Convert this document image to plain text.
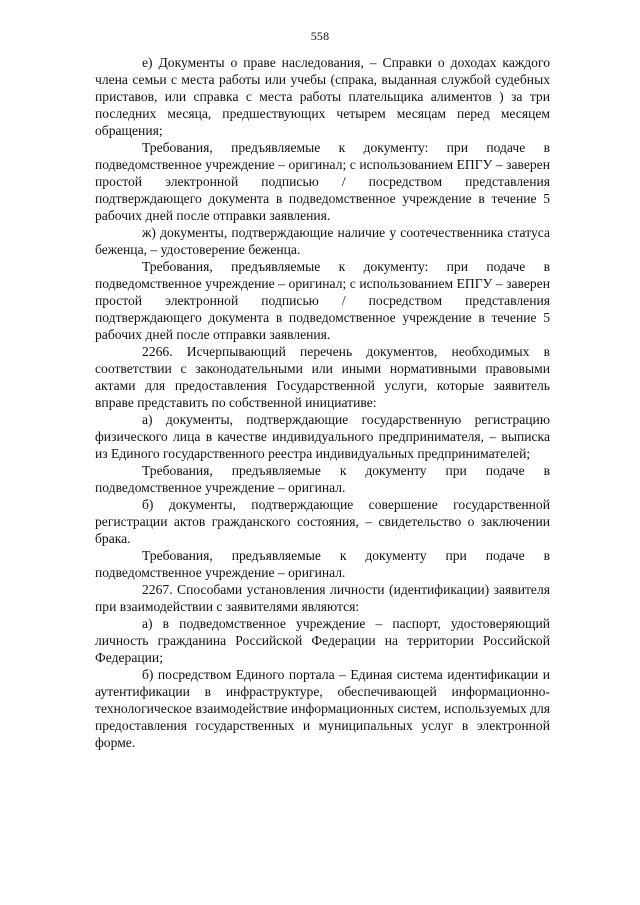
558

е) Документы о праве наследования, – Справки о доходах каждого члена семьи с места работы или учебы (спрака, выданная службой судебных приставов, или справка с места работы плательщика алиментов ) за три последних месяца, предшествующих четырем месяцам перед месяцем обращения;

Требования, предъявляемые к документу: при подаче в подведомственное учреждение – оригинал; с использованием ЕПГУ – заверен простой электронной подписью / посредством представления подтверждающего документа в подведомственное учреждение в течение 5 рабочих дней после отправки заявления.

ж) документы, подтверждающие наличие у соотечественника статуса беженца, – удостоверение беженца.

Требования, предъявляемые к документу: при подаче в подведомственное учреждение – оригинал; с использованием ЕПГУ – заверен простой электронной подписью / посредством представления подтверждающего документа в подведомственное учреждение в течение 5 рабочих дней после отправки заявления.

2266. Исчерпывающий перечень документов, необходимых в соответствии с законодательными или иными нормативными правовыми актами для предоставления Государственной услуги, которые заявитель вправе представить по собственной инициативе:

а) документы, подтверждающие государственную регистрацию физического лица в качестве индивидуального предпринимателя, – выписка из Единого государственного реестра индивидуальных предпринимателей;

Требования, предъявляемые к документу при подаче в подведомственное учреждение – оригинал.

б) документы, подтверждающие совершение государственной регистрации актов гражданского состояния, – свидетельство о заключении брака.

Требования, предъявляемые к документу при подаче в подведомственное учреждение – оригинал.

2267. Способами установления личности (идентификации) заявителя при взаимодействии с заявителями являются:

а) в подведомственное учреждение – паспорт, удостоверяющий личность гражданина Российской Федерации на территории Российской Федерации;

б) посредством Единого портала – Единая система идентификации и аутентификации в инфраструктуре, обеспечивающей информационно-технологическое взаимодействие информационных систем, используемых для предоставления государственных и муниципальных услуг в электронной форме.
